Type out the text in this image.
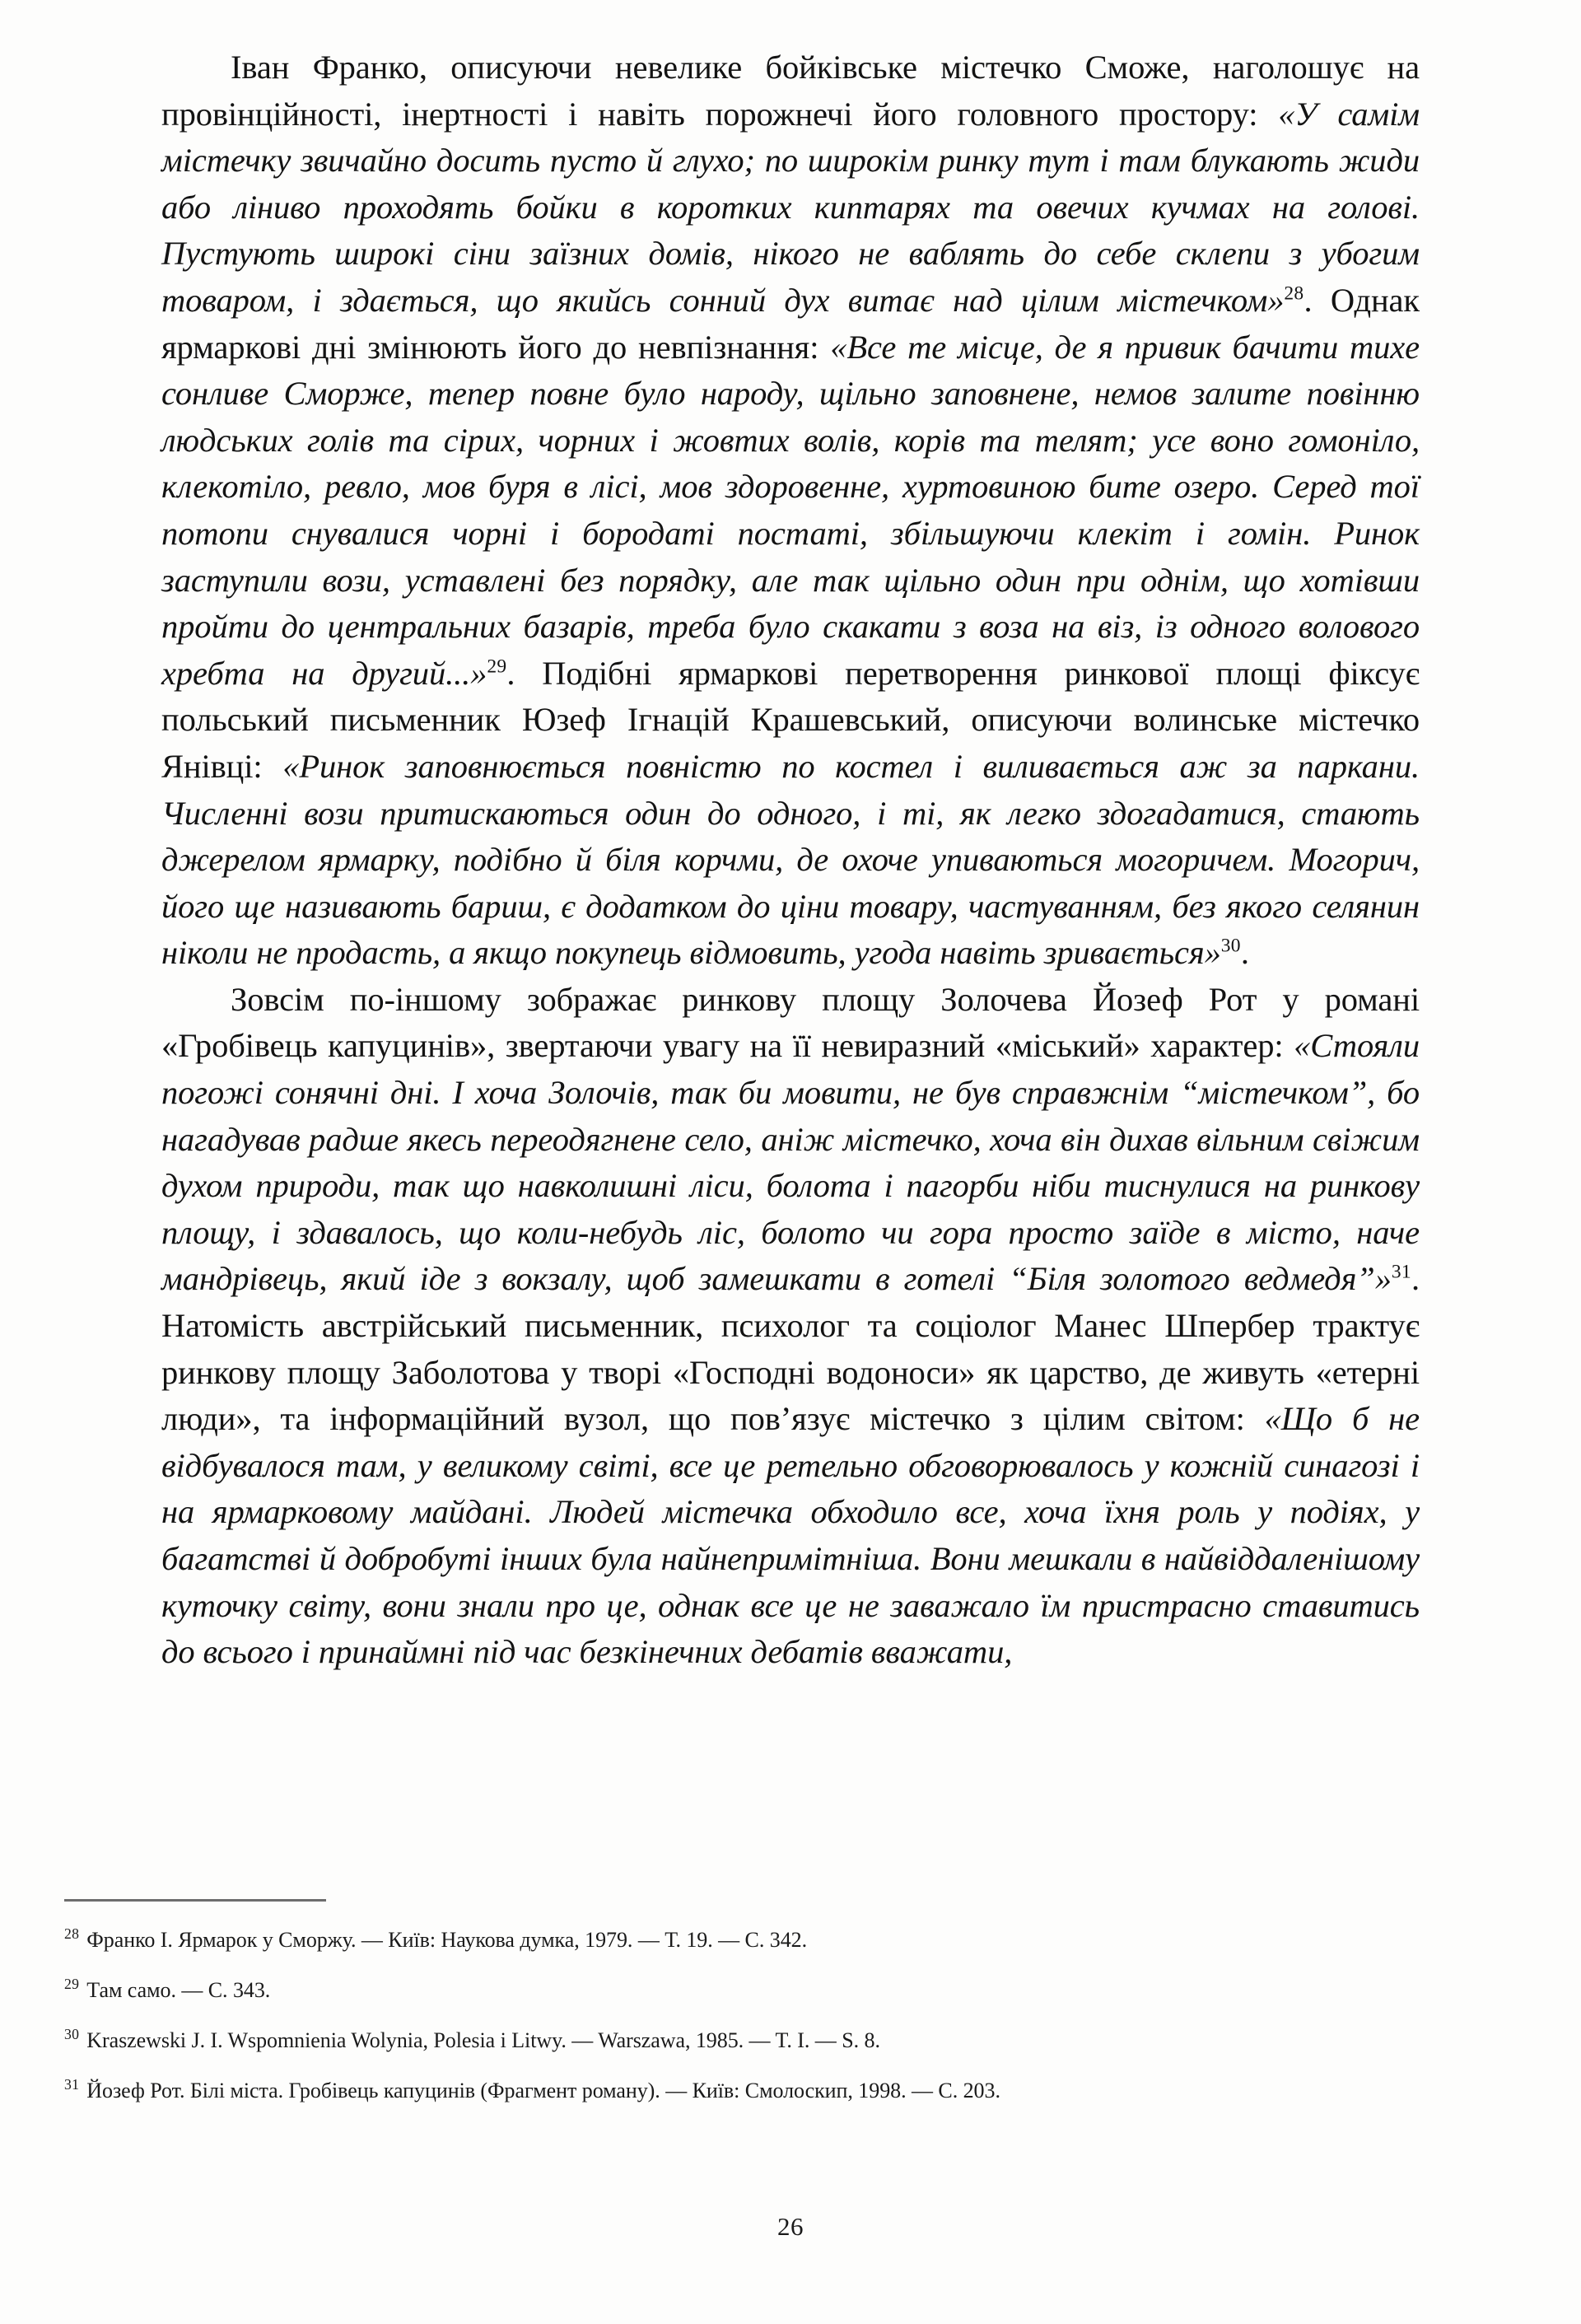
Іван Франко, описуючи невелике бойківське містечко Сможе, наголошує на провінційності, інертності і навіть порожнечі його головного простору: «У самім містечку звичайно досить пусто й глухо; по широкім ринку тут і там блукають жиди або ліниво проходять бойки в коротких киптарях та овечих кучмах на голові. Пустують широкі сіни заїзних домів, нікого не ваблять до себе склепи з убогим товаром, і здається, що якийсь сонний дух витає над цілим містечком»$^{28}$. Однак ярмаркові дні змінюють його до невпізнання: «Все те місце, де я привик бачити тихе сонливе Сморже, тепер повне було народу, щільно заповнене, немов залите повінню людських голів та сірих, чорних і жовтих волів, корів та телят; усе воно гомоніло, клекотіло, ревло, мов буря в лісі, мов здоровенне, хуртовиною бите озеро. Серед тої потопи снувалися чорні і бородаті постаті, збільшуючи клекіт і гомін. Ринок заступили вози, уставлені без порядку, але так щільно один при однім, що хотівши пройти до центральних базарів, треба було скакати з воза на віз, із одного волового хребта на другий...»$^{29}$. Подібні ярмаркові перетворення ринкової площі фіксує польський письменник Юзеф Ігнацій Крашевський, описуючи волинське містечко Янівці: «Ринок заповнюється повністю по костел і виливається аж за паркани. Численні вози притискаються один до одного, і ті, як легко здогадатися, стають джерелом ярмарку, подібно й біля корчми, де охоче упиваються могоричем. Могорич, його ще називають бариш, є додатком до ціни товару, частуванням, без якого селянин ніколи не продасть, а якщо покупець відмовить, угода навіть зривається»$^{30}$.

Зовсім по-іншому зображає ринкову площу Золочева Йозеф Рот у романі «Гробівець капуцинів», звертаючи увагу на її невиразний «міський» характер: «Стояли погожі сонячні дні. І хоча Золочів, так би мовити, не був справжнім “містечком”, бо нагадував радше якесь переодягнене село, аніж містечко, хоча він дихав вільним свіжим духом природи, так що навколишні ліси, болота і пагорби ніби тиснулися на ринкову площу, і здавалось, що коли-небудь ліс, болото чи гора просто заїде в місто, наче мандрівець, який іде з вокзалу, щоб замешкати в готелі “Біля золотого ведмедя”»$^{31}$. Натомість австрійський письменник, психолог та соціолог Манес Шпербер трактує ринкову площу Заболотова у творі «Господні водоноси» як царство, де живуть «етерні люди», та інформаційний вузол, що пов’язує містечко з цілим світом: «Що б не відбувалося там, у великому світі, все це ретельно обговорювалось у кожній синагозі і на ярмарковому майдані. Людей містечка обходило все, хоча їхня роль у подіях, у багатстві й добробуті інших була найнепримітніша. Вони мешкали в найвіддаленішому куточку світу, вони знали про це, однак все це не заважало їм пристрасно ставитись до всього і принаймні під час безкінечних дебатів вважати,

$^{28}$ Франко І. Ярмарок у Сморжу. — Київ: Наукова думка, 1979. — Т. 19. — С. 342.
$^{29}$ Там само. — С. 343.
$^{30}$ Kraszewski J. I. Wspomnienia Wolynia, Polesia i Litwy. — Warszawa, 1985. — T. I. — S. 8.
$^{31}$ Йозеф Рот. Білі міста. Гробівець капуцинів (Фрагмент роману). — Київ: Смолоскип, 1998. — С. 203.
26
